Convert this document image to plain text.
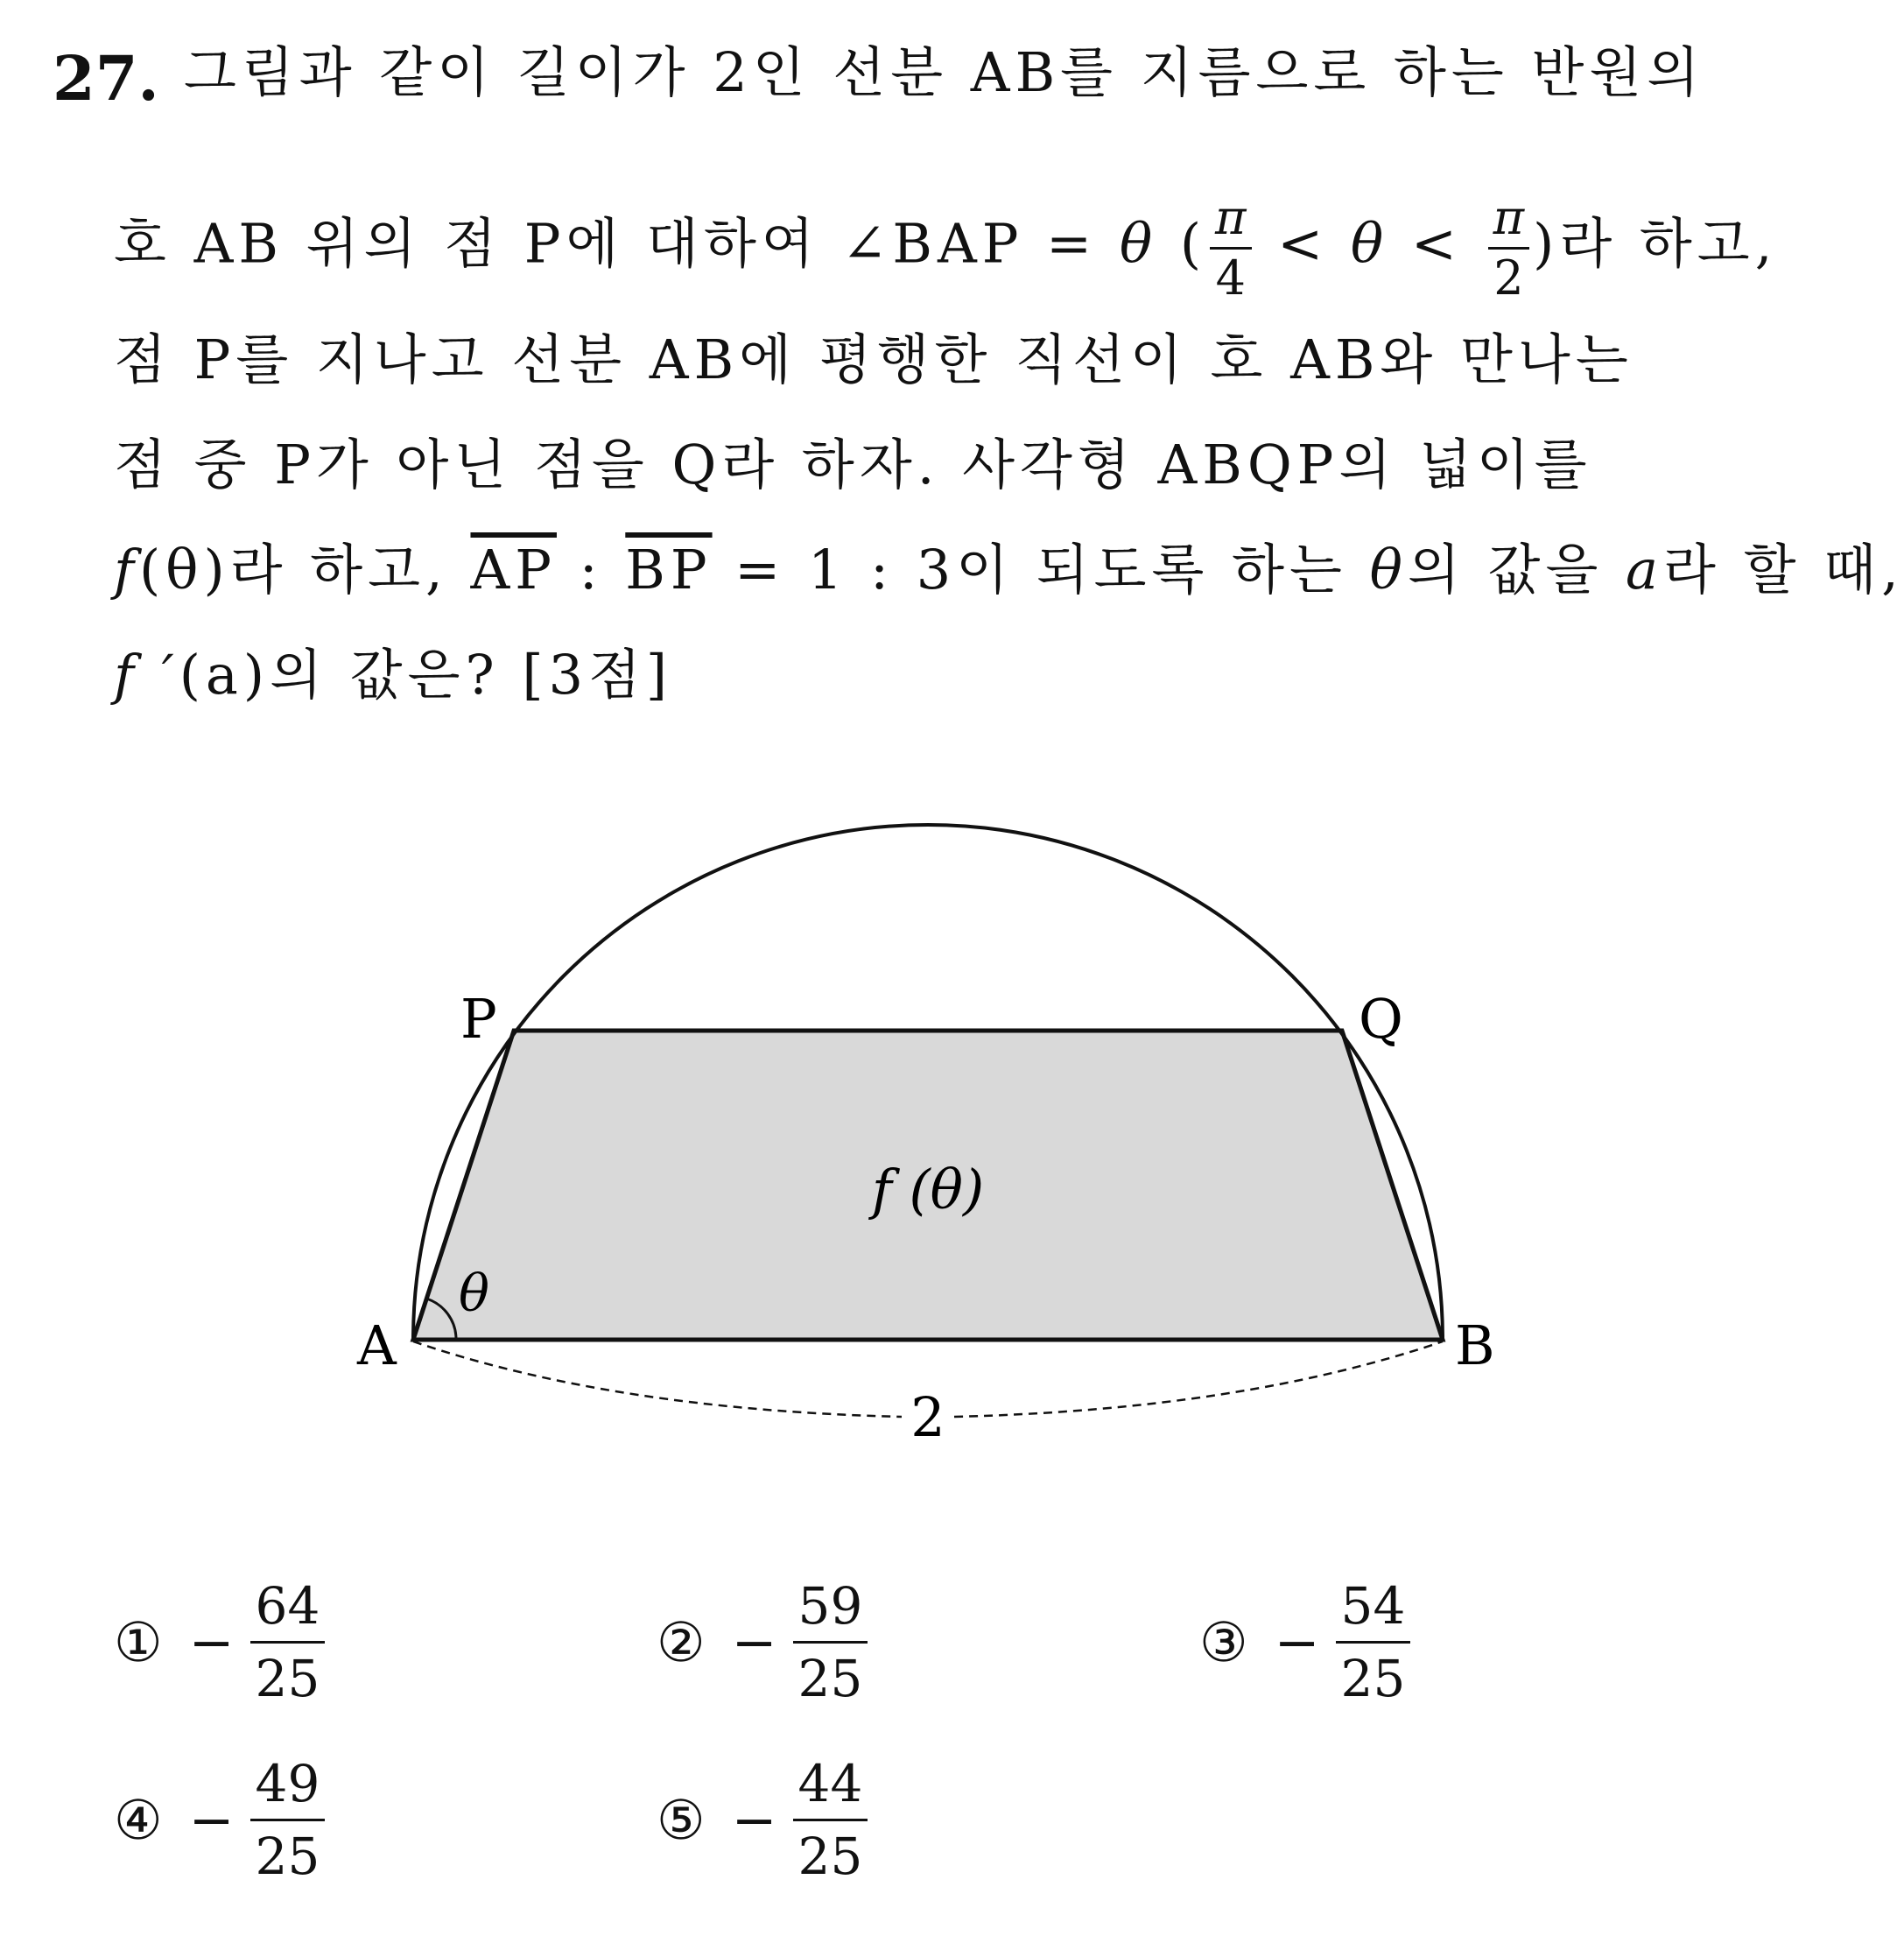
27. 그림과 같이 길이가 2인 선분 AB를 지름으로 하는 반원의
호 AB 위의 점 P에 대하여 ∠BAP = θ ( $\frac{\pi}{4} < \theta < \frac{\pi}{2}$ )라 하고,
점 P를 지나고 선분 AB에 평행한 직선이 호 AB와 만나는
점 중 P가 아닌 점을 Q라 하자. 사각형 ABQP의 넓이를
f(θ)라 하고, $\overline{AP}$ : $\overline{BP} = 1$ : 3이 되도록 하는 θ의 값을 a라 할 때,
f ′(a)의 값은? [3점]
A	B
P	Q
θ
f (θ)
2
① − $\frac{64}{25}$	② − $\frac{59}{25}$	③ − $\frac{54}{25}$
④ − $\frac{49}{25}$	⑤ − $\frac{44}{25}$
